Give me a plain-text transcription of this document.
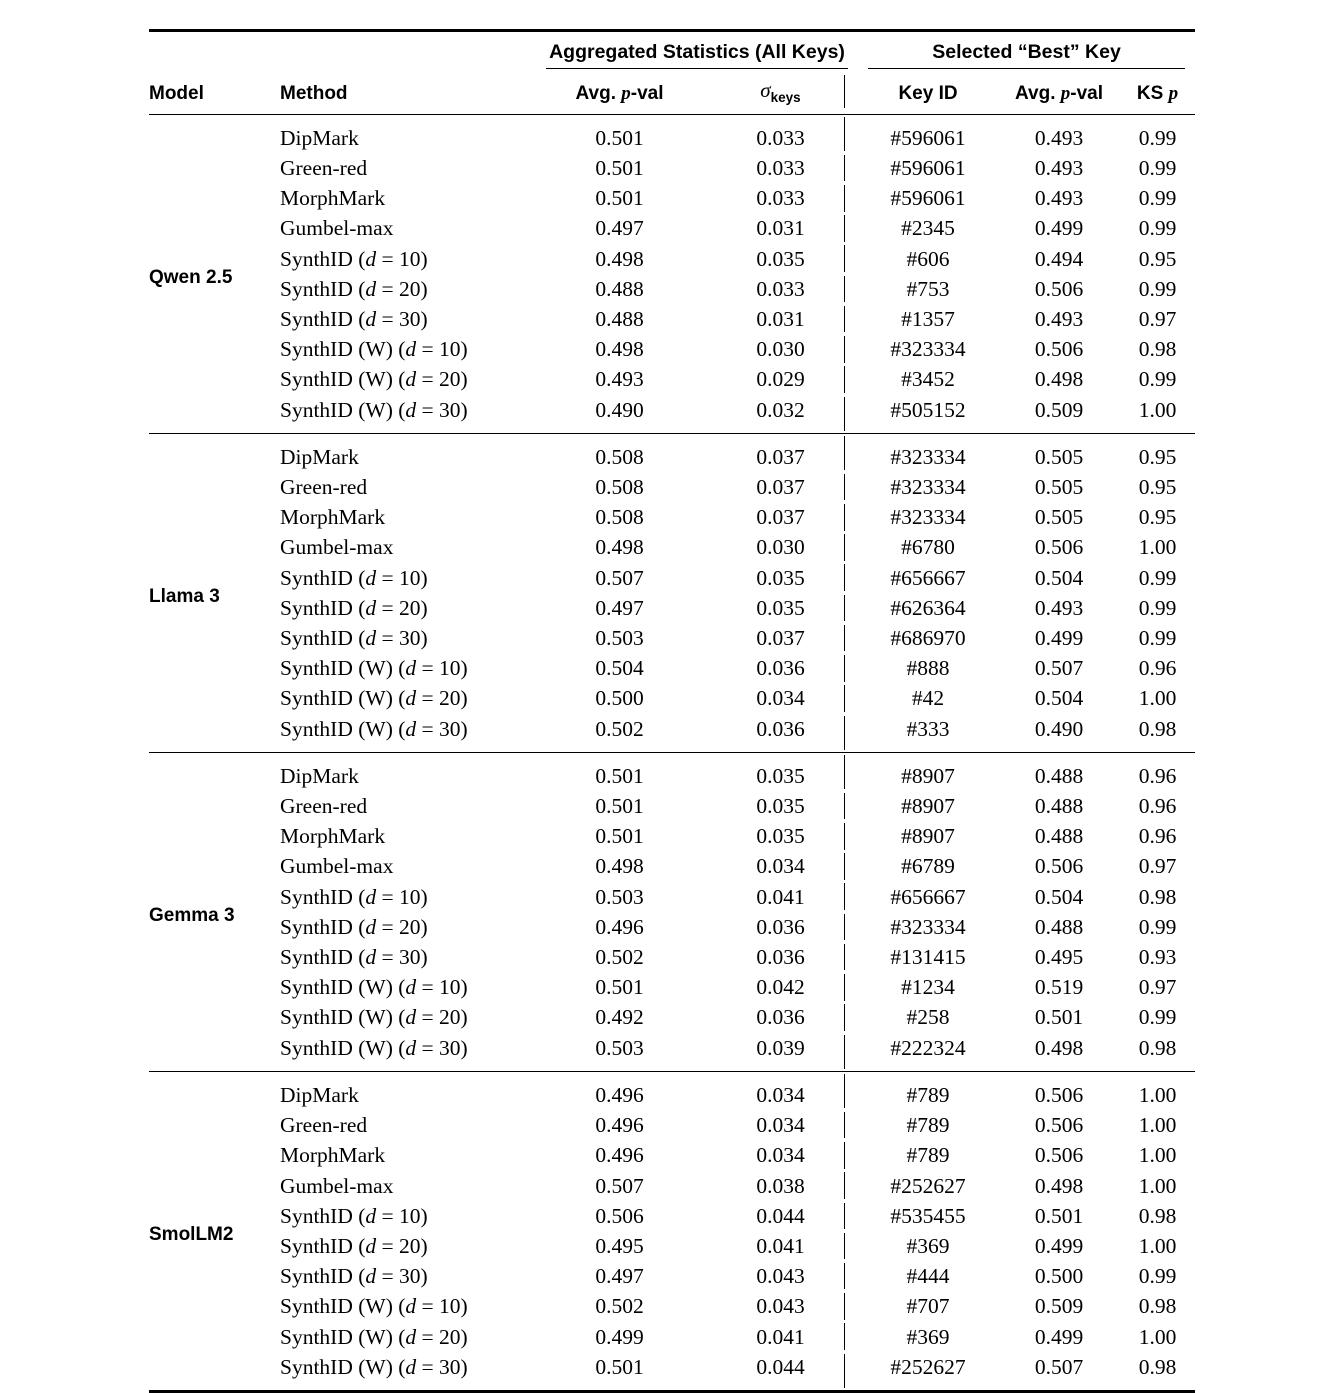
		Aggregated Statistics (All Keys)		Selected “Best” Key		

Model	Method	Avg. p-val	$\sigma_{keys}$	Key ID	Avg. p-val	KS p
Qwen 2.5	DipMark	0.501	0.033	#596061	0.493	0.99
	Green-red	0.501	0.033	#596061	0.493	0.99
	MorphMark	0.501	0.033	#596061	0.493	0.99
	Gumbel-max	0.497	0.031	#2345	0.499	0.99
	SynthID (d = 10)	0.498	0.035	#606	0.494	0.95
	SynthID (d = 20)	0.488	0.033	#753	0.506	0.99
	SynthID (d = 30)	0.488	0.031	#1357	0.493	0.97
	SynthID (W) (d = 10)	0.498	0.030	#323334	0.506	0.98
	SynthID (W) (d = 20)	0.493	0.029	#3452	0.498	0.99
	SynthID (W) (d = 30)	0.490	0.032	#505152	0.509	1.00
Llama 3	DipMark	0.508	0.037	#323334	0.505	0.95
	Green-red	0.508	0.037	#323334	0.505	0.95
	MorphMark	0.508	0.037	#323334	0.505	0.95
	Gumbel-max	0.498	0.030	#6780	0.506	1.00
	SynthID (d = 10)	0.507	0.035	#656667	0.504	0.99
	SynthID (d = 20)	0.497	0.035	#626364	0.493	0.99
	SynthID (d = 30)	0.503	0.037	#686970	0.499	0.99
	SynthID (W) (d = 10)	0.504	0.036	#888	0.507	0.96
	SynthID (W) (d = 20)	0.500	0.034	#42	0.504	1.00
	SynthID (W) (d = 30)	0.502	0.036	#333	0.490	0.98
Gemma 3	DipMark	0.501	0.035	#8907	0.488	0.96
	Green-red	0.501	0.035	#8907	0.488	0.96
	MorphMark	0.501	0.035	#8907	0.488	0.96
	Gumbel-max	0.498	0.034	#6789	0.506	0.97
	SynthID (d = 10)	0.503	0.041	#656667	0.504	0.98
	SynthID (d = 20)	0.496	0.036	#323334	0.488	0.99
	SynthID (d = 30)	0.502	0.036	#131415	0.495	0.93
	SynthID (W) (d = 10)	0.501	0.042	#1234	0.519	0.97
	SynthID (W) (d = 20)	0.492	0.036	#258	0.501	0.99
	SynthID (W) (d = 30)	0.503	0.039	#222324	0.498	0.98
SmolLM2	DipMark	0.496	0.034	#789	0.506	1.00
	Green-red	0.496	0.034	#789	0.506	1.00
	MorphMark	0.496	0.034	#789	0.506	1.00
	Gumbel-max	0.507	0.038	#252627	0.498	1.00
	SynthID (d = 10)	0.506	0.044	#535455	0.501	0.98
	SynthID (d = 20)	0.495	0.041	#369	0.499	1.00
	SynthID (d = 30)	0.497	0.043	#444	0.500	0.99
	SynthID (W) (d = 10)	0.502	0.043	#707	0.509	0.98
	SynthID (W) (d = 20)	0.499	0.041	#369	0.499	1.00
	SynthID (W) (d = 30)	0.501	0.044	#252627	0.507	0.98
